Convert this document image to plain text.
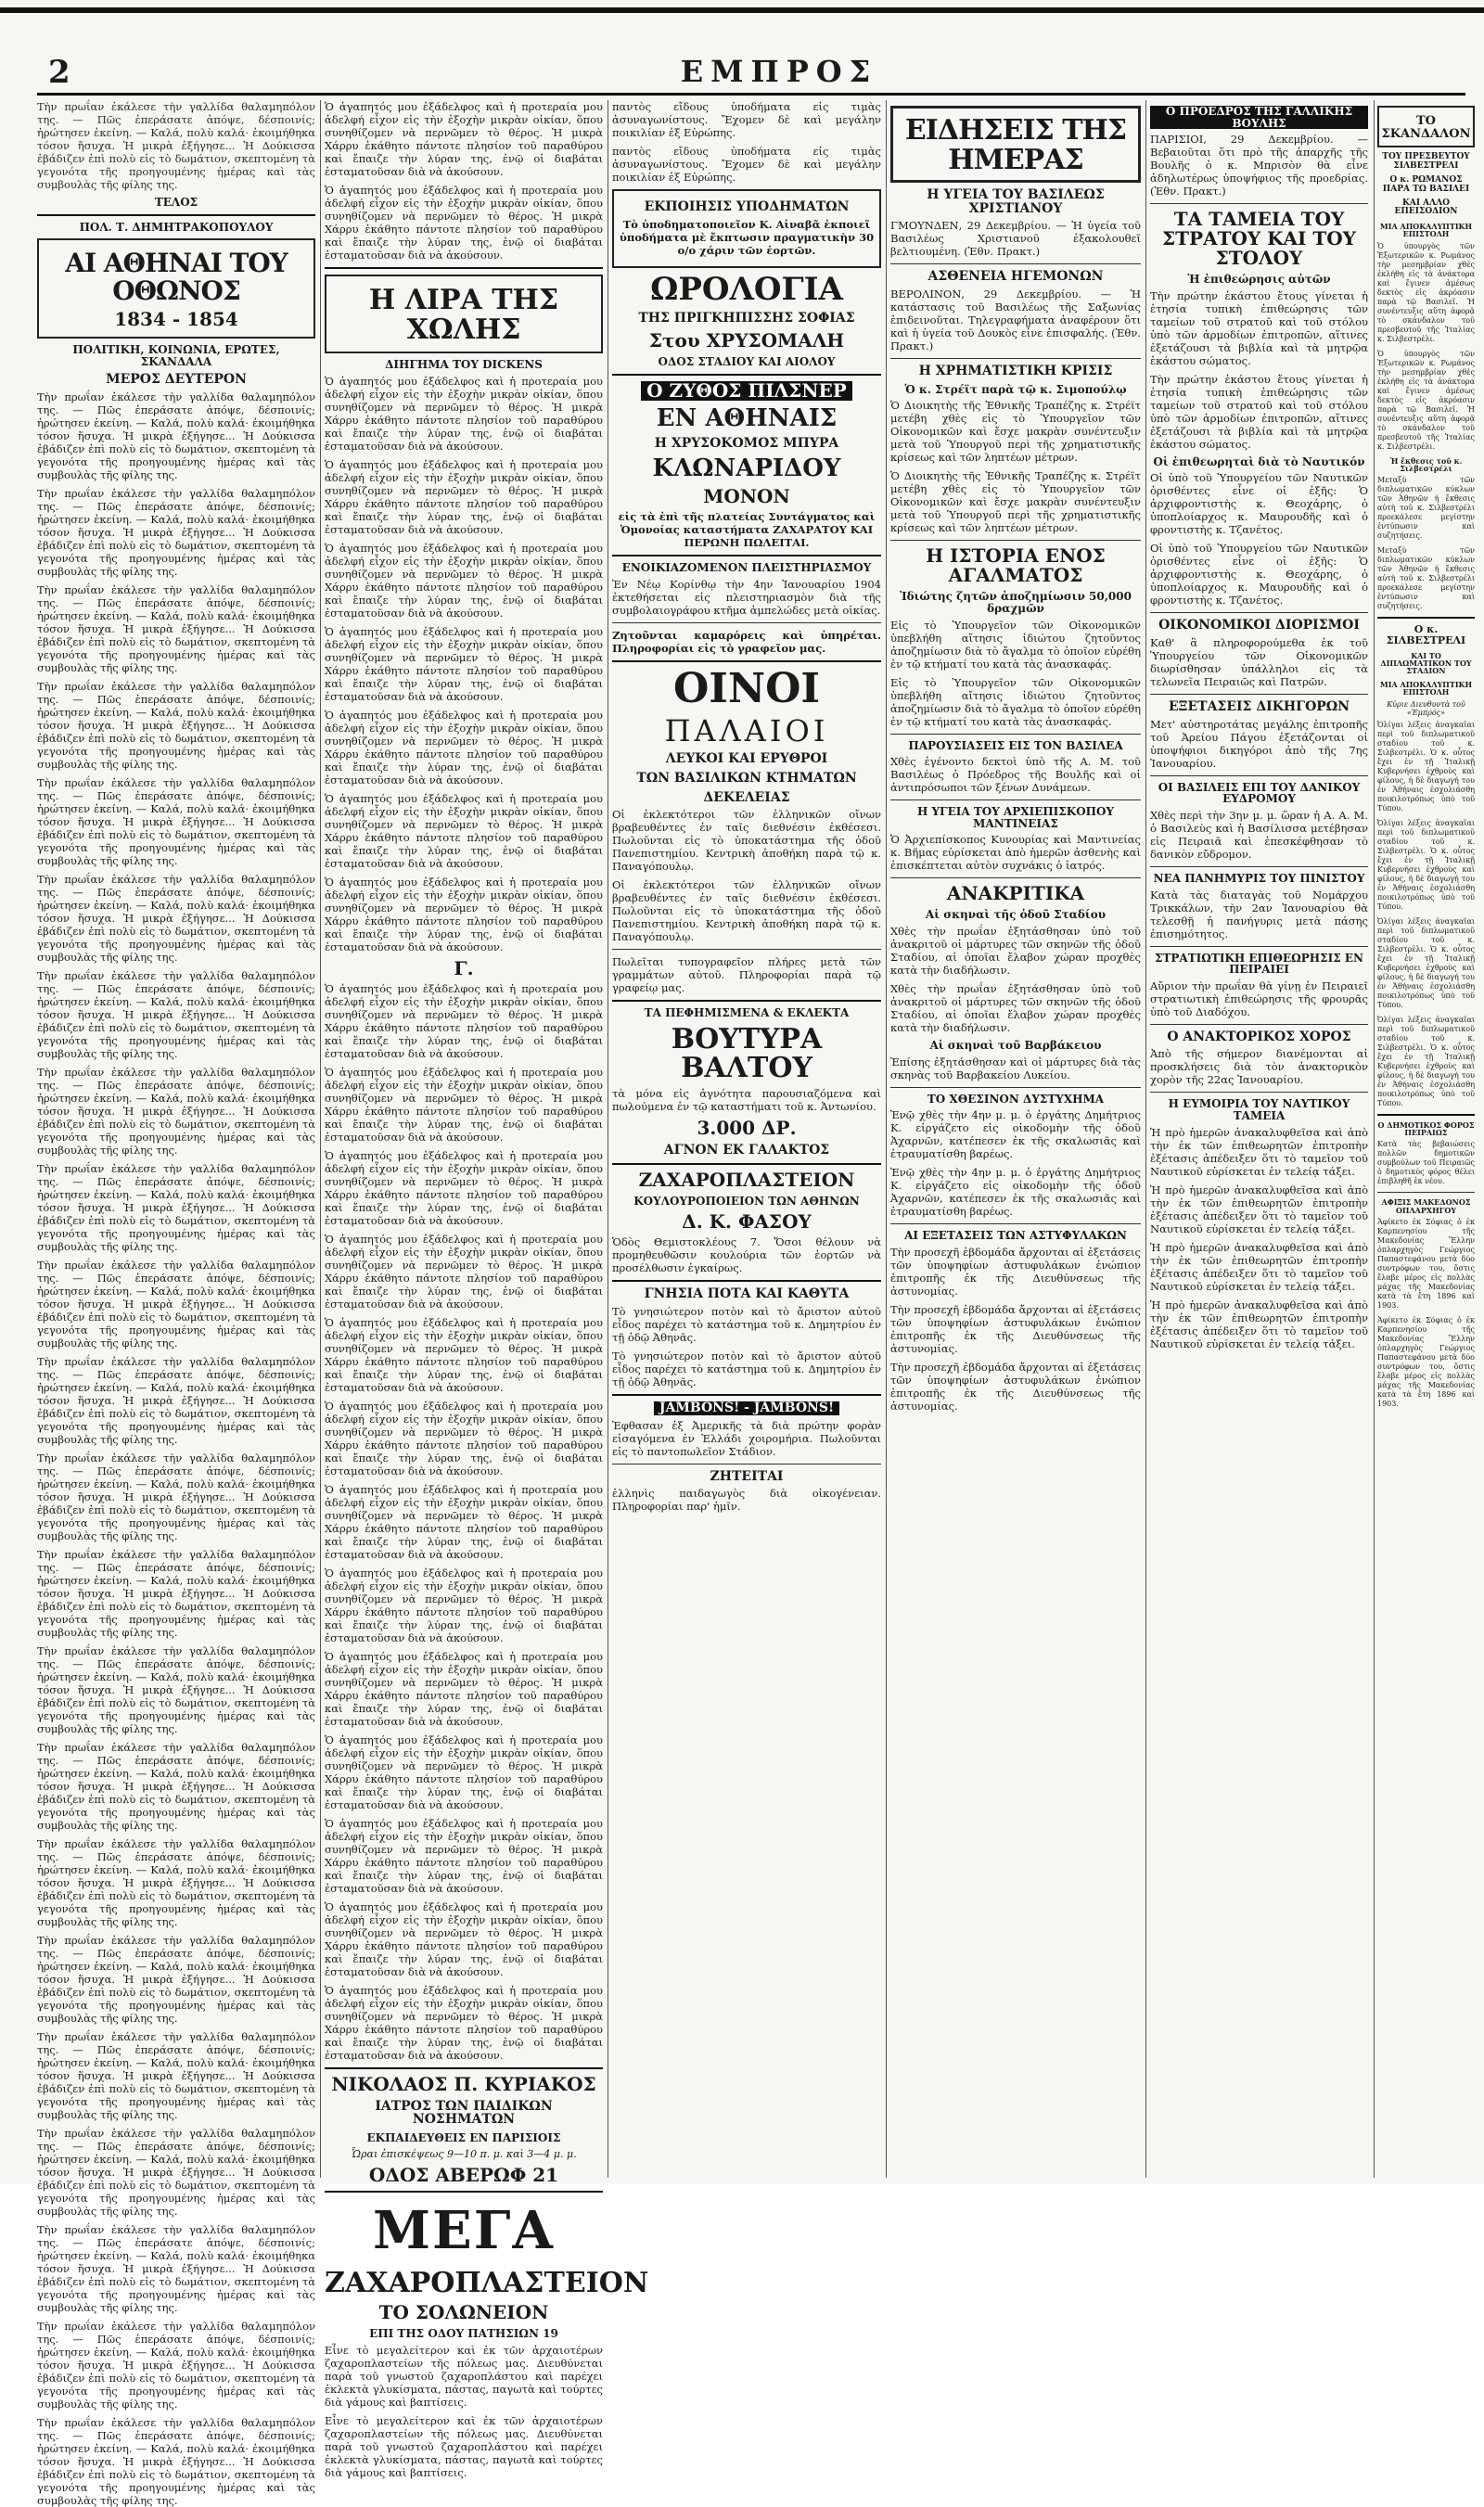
2	ΕΜΠΡΟΣ

Τὴν πρωΐαν ἐκάλεσε τὴν γαλλίδα θαλαμηπόλον της. — Πῶς ἐπεράσατε ἀπόψε, δέσποινίς; ἠρώτησεν ἐκείνη. — Καλά, πολὺ καλά· ἐκοιμήθηκα τόσον ἥσυχα. Ἡ μικρὰ ἐξήγησε... Ἡ Δούκισσα ἐβάδιζεν ἐπὶ πολὺ εἰς τὸ δωμάτιον, σκεπτομένη τὰ γεγονότα τῆς προηγουμένης ἡμέρας καὶ τὰς συμβουλὰς τῆς φίλης της.

ΤΕΛΟΣ
ΠΟΛ. Τ. ΔΗΜΗΤΡΑΚΟΠΟΥΛΟΥ
ΑΙ ΑΘΗΝΑΙ ΤΟΥ ΟΘΩΝΟΣ
1834 - 1854
ΠΟΛΙΤΙΚΗ, ΚΟΙΝΩΝΙΑ, ΕΡΩΤΕΣ, ΣΚΑΝΔΑΛΑ
ΜΕΡΟΣ ΔΕΥΤΕΡΟΝ

Τὴν πρωΐαν ἐκάλεσε τὴν γαλλίδα θαλαμηπόλον της. — Πῶς ἐπεράσατε ἀπόψε, δέσποινίς; ἠρώτησεν ἐκείνη. — Καλά, πολὺ καλά· ἐκοιμήθηκα τόσον ἥσυχα. Ἡ μικρὰ ἐξήγησε... Ἡ Δούκισσα ἐβάδιζεν ἐπὶ πολὺ εἰς τὸ δωμάτιον, σκεπτομένη τὰ γεγονότα τῆς προηγουμένης ἡμέρας καὶ τὰς συμβουλὰς τῆς φίλης της.

Τὴν πρωΐαν ἐκάλεσε τὴν γαλλίδα θαλαμηπόλον της. — Πῶς ἐπεράσατε ἀπόψε, δέσποινίς; ἠρώτησεν ἐκείνη. — Καλά, πολὺ καλά· ἐκοιμήθηκα τόσον ἥσυχα. Ἡ μικρὰ ἐξήγησε... Ἡ Δούκισσα ἐβάδιζεν ἐπὶ πολὺ εἰς τὸ δωμάτιον, σκεπτομένη τὰ γεγονότα τῆς προηγουμένης ἡμέρας καὶ τὰς συμβουλὰς τῆς φίλης της.

Τὴν πρωΐαν ἐκάλεσε τὴν γαλλίδα θαλαμηπόλον της. — Πῶς ἐπεράσατε ἀπόψε, δέσποινίς; ἠρώτησεν ἐκείνη. — Καλά, πολὺ καλά· ἐκοιμήθηκα τόσον ἥσυχα. Ἡ μικρὰ ἐξήγησε... Ἡ Δούκισσα ἐβάδιζεν ἐπὶ πολὺ εἰς τὸ δωμάτιον, σκεπτομένη τὰ γεγονότα τῆς προηγουμένης ἡμέρας καὶ τὰς συμβουλὰς τῆς φίλης της.

Τὴν πρωΐαν ἐκάλεσε τὴν γαλλίδα θαλαμηπόλον της. — Πῶς ἐπεράσατε ἀπόψε, δέσποινίς; ἠρώτησεν ἐκείνη. — Καλά, πολὺ καλά· ἐκοιμήθηκα τόσον ἥσυχα. Ἡ μικρὰ ἐξήγησε... Ἡ Δούκισσα ἐβάδιζεν ἐπὶ πολὺ εἰς τὸ δωμάτιον, σκεπτομένη τὰ γεγονότα τῆς προηγουμένης ἡμέρας καὶ τὰς συμβουλὰς τῆς φίλης της.

Τὴν πρωΐαν ἐκάλεσε τὴν γαλλίδα θαλαμηπόλον της. — Πῶς ἐπεράσατε ἀπόψε, δέσποινίς; ἠρώτησεν ἐκείνη. — Καλά, πολὺ καλά· ἐκοιμήθηκα τόσον ἥσυχα. Ἡ μικρὰ ἐξήγησε... Ἡ Δούκισσα ἐβάδιζεν ἐπὶ πολὺ εἰς τὸ δωμάτιον, σκεπτομένη τὰ γεγονότα τῆς προηγουμένης ἡμέρας καὶ τὰς συμβουλὰς τῆς φίλης της.

Τὴν πρωΐαν ἐκάλεσε τὴν γαλλίδα θαλαμηπόλον της. — Πῶς ἐπεράσατε ἀπόψε, δέσποινίς; ἠρώτησεν ἐκείνη. — Καλά, πολὺ καλά· ἐκοιμήθηκα τόσον ἥσυχα. Ἡ μικρὰ ἐξήγησε... Ἡ Δούκισσα ἐβάδιζεν ἐπὶ πολὺ εἰς τὸ δωμάτιον, σκεπτομένη τὰ γεγονότα τῆς προηγουμένης ἡμέρας καὶ τὰς συμβουλὰς τῆς φίλης της.

Τὴν πρωΐαν ἐκάλεσε τὴν γαλλίδα θαλαμηπόλον της. — Πῶς ἐπεράσατε ἀπόψε, δέσποινίς; ἠρώτησεν ἐκείνη. — Καλά, πολὺ καλά· ἐκοιμήθηκα τόσον ἥσυχα. Ἡ μικρὰ ἐξήγησε... Ἡ Δούκισσα ἐβάδιζεν ἐπὶ πολὺ εἰς τὸ δωμάτιον, σκεπτομένη τὰ γεγονότα τῆς προηγουμένης ἡμέρας καὶ τὰς συμβουλὰς τῆς φίλης της.

Τὴν πρωΐαν ἐκάλεσε τὴν γαλλίδα θαλαμηπόλον της. — Πῶς ἐπεράσατε ἀπόψε, δέσποινίς; ἠρώτησεν ἐκείνη. — Καλά, πολὺ καλά· ἐκοιμήθηκα τόσον ἥσυχα. Ἡ μικρὰ ἐξήγησε... Ἡ Δούκισσα ἐβάδιζεν ἐπὶ πολὺ εἰς τὸ δωμάτιον, σκεπτομένη τὰ γεγονότα τῆς προηγουμένης ἡμέρας καὶ τὰς συμβουλὰς τῆς φίλης της.

Τὴν πρωΐαν ἐκάλεσε τὴν γαλλίδα θαλαμηπόλον της. — Πῶς ἐπεράσατε ἀπόψε, δέσποινίς; ἠρώτησεν ἐκείνη. — Καλά, πολὺ καλά· ἐκοιμήθηκα τόσον ἥσυχα. Ἡ μικρὰ ἐξήγησε... Ἡ Δούκισσα ἐβάδιζεν ἐπὶ πολὺ εἰς τὸ δωμάτιον, σκεπτομένη τὰ γεγονότα τῆς προηγουμένης ἡμέρας καὶ τὰς συμβουλὰς τῆς φίλης της.

Τὴν πρωΐαν ἐκάλεσε τὴν γαλλίδα θαλαμηπόλον της. — Πῶς ἐπεράσατε ἀπόψε, δέσποινίς; ἠρώτησεν ἐκείνη. — Καλά, πολὺ καλά· ἐκοιμήθηκα τόσον ἥσυχα. Ἡ μικρὰ ἐξήγησε... Ἡ Δούκισσα ἐβάδιζεν ἐπὶ πολὺ εἰς τὸ δωμάτιον, σκεπτομένη τὰ γεγονότα τῆς προηγουμένης ἡμέρας καὶ τὰς συμβουλὰς τῆς φίλης της.

Τὴν πρωΐαν ἐκάλεσε τὴν γαλλίδα θαλαμηπόλον της. — Πῶς ἐπεράσατε ἀπόψε, δέσποινίς; ἠρώτησεν ἐκείνη. — Καλά, πολὺ καλά· ἐκοιμήθηκα τόσον ἥσυχα. Ἡ μικρὰ ἐξήγησε... Ἡ Δούκισσα ἐβάδιζεν ἐπὶ πολὺ εἰς τὸ δωμάτιον, σκεπτομένη τὰ γεγονότα τῆς προηγουμένης ἡμέρας καὶ τὰς συμβουλὰς τῆς φίλης της.

Τὴν πρωΐαν ἐκάλεσε τὴν γαλλίδα θαλαμηπόλον της. — Πῶς ἐπεράσατε ἀπόψε, δέσποινίς; ἠρώτησεν ἐκείνη. — Καλά, πολὺ καλά· ἐκοιμήθηκα τόσον ἥσυχα. Ἡ μικρὰ ἐξήγησε... Ἡ Δούκισσα ἐβάδιζεν ἐπὶ πολὺ εἰς τὸ δωμάτιον, σκεπτομένη τὰ γεγονότα τῆς προηγουμένης ἡμέρας καὶ τὰς συμβουλὰς τῆς φίλης της.

Τὴν πρωΐαν ἐκάλεσε τὴν γαλλίδα θαλαμηπόλον της. — Πῶς ἐπεράσατε ἀπόψε, δέσποινίς; ἠρώτησεν ἐκείνη. — Καλά, πολὺ καλά· ἐκοιμήθηκα τόσον ἥσυχα. Ἡ μικρὰ ἐξήγησε... Ἡ Δούκισσα ἐβάδιζεν ἐπὶ πολὺ εἰς τὸ δωμάτιον, σκεπτομένη τὰ γεγονότα τῆς προηγουμένης ἡμέρας καὶ τὰς συμβουλὰς τῆς φίλης της.

Τὴν πρωΐαν ἐκάλεσε τὴν γαλλίδα θαλαμηπόλον της. — Πῶς ἐπεράσατε ἀπόψε, δέσποινίς; ἠρώτησεν ἐκείνη. — Καλά, πολὺ καλά· ἐκοιμήθηκα τόσον ἥσυχα. Ἡ μικρὰ ἐξήγησε... Ἡ Δούκισσα ἐβάδιζεν ἐπὶ πολὺ εἰς τὸ δωμάτιον, σκεπτομένη τὰ γεγονότα τῆς προηγουμένης ἡμέρας καὶ τὰς συμβουλὰς τῆς φίλης της.

Τὴν πρωΐαν ἐκάλεσε τὴν γαλλίδα θαλαμηπόλον της. — Πῶς ἐπεράσατε ἀπόψε, δέσποινίς; ἠρώτησεν ἐκείνη. — Καλά, πολὺ καλά· ἐκοιμήθηκα τόσον ἥσυχα. Ἡ μικρὰ ἐξήγησε... Ἡ Δούκισσα ἐβάδιζεν ἐπὶ πολὺ εἰς τὸ δωμάτιον, σκεπτομένη τὰ γεγονότα τῆς προηγουμένης ἡμέρας καὶ τὰς συμβουλὰς τῆς φίλης της.

Τὴν πρωΐαν ἐκάλεσε τὴν γαλλίδα θαλαμηπόλον της. — Πῶς ἐπεράσατε ἀπόψε, δέσποινίς; ἠρώτησεν ἐκείνη. — Καλά, πολὺ καλά· ἐκοιμήθηκα τόσον ἥσυχα. Ἡ μικρὰ ἐξήγησε... Ἡ Δούκισσα ἐβάδιζεν ἐπὶ πολὺ εἰς τὸ δωμάτιον, σκεπτομένη τὰ γεγονότα τῆς προηγουμένης ἡμέρας καὶ τὰς συμβουλὰς τῆς φίλης της.

Τὴν πρωΐαν ἐκάλεσε τὴν γαλλίδα θαλαμηπόλον της. — Πῶς ἐπεράσατε ἀπόψε, δέσποινίς; ἠρώτησεν ἐκείνη. — Καλά, πολὺ καλά· ἐκοιμήθηκα τόσον ἥσυχα. Ἡ μικρὰ ἐξήγησε... Ἡ Δούκισσα ἐβάδιζεν ἐπὶ πολὺ εἰς τὸ δωμάτιον, σκεπτομένη τὰ γεγονότα τῆς προηγουμένης ἡμέρας καὶ τὰς συμβουλὰς τῆς φίλης της.

Τὴν πρωΐαν ἐκάλεσε τὴν γαλλίδα θαλαμηπόλον της. — Πῶς ἐπεράσατε ἀπόψε, δέσποινίς; ἠρώτησεν ἐκείνη. — Καλά, πολὺ καλά· ἐκοιμήθηκα τόσον ἥσυχα. Ἡ μικρὰ ἐξήγησε... Ἡ Δούκισσα ἐβάδιζεν ἐπὶ πολὺ εἰς τὸ δωμάτιον, σκεπτομένη τὰ γεγονότα τῆς προηγουμένης ἡμέρας καὶ τὰς συμβουλὰς τῆς φίλης της.

Τὴν πρωΐαν ἐκάλεσε τὴν γαλλίδα θαλαμηπόλον της. — Πῶς ἐπεράσατε ἀπόψε, δέσποινίς; ἠρώτησεν ἐκείνη. — Καλά, πολὺ καλά· ἐκοιμήθηκα τόσον ἥσυχα. Ἡ μικρὰ ἐξήγησε... Ἡ Δούκισσα ἐβάδιζεν ἐπὶ πολὺ εἰς τὸ δωμάτιον, σκεπτομένη τὰ γεγονότα τῆς προηγουμένης ἡμέρας καὶ τὰς συμβουλὰς τῆς φίλης της.

Τὴν πρωΐαν ἐκάλεσε τὴν γαλλίδα θαλαμηπόλον της. — Πῶς ἐπεράσατε ἀπόψε, δέσποινίς; ἠρώτησεν ἐκείνη. — Καλά, πολὺ καλά· ἐκοιμήθηκα τόσον ἥσυχα. Ἡ μικρὰ ἐξήγησε... Ἡ Δούκισσα ἐβάδιζεν ἐπὶ πολὺ εἰς τὸ δωμάτιον, σκεπτομένη τὰ γεγονότα τῆς προηγουμένης ἡμέρας καὶ τὰς συμβουλὰς τῆς φίλης της.

Τὴν πρωΐαν ἐκάλεσε τὴν γαλλίδα θαλαμηπόλον της. — Πῶς ἐπεράσατε ἀπόψε, δέσποινίς; ἠρώτησεν ἐκείνη. — Καλά, πολὺ καλά· ἐκοιμήθηκα τόσον ἥσυχα. Ἡ μικρὰ ἐξήγησε... Ἡ Δούκισσα ἐβάδιζεν ἐπὶ πολὺ εἰς τὸ δωμάτιον, σκεπτομένη τὰ γεγονότα τῆς προηγουμένης ἡμέρας καὶ τὰς συμβουλὰς τῆς φίλης της.

Τὴν πρωΐαν ἐκάλεσε τὴν γαλλίδα θαλαμηπόλον της. — Πῶς ἐπεράσατε ἀπόψε, δέσποινίς; ἠρώτησεν ἐκείνη. — Καλά, πολὺ καλά· ἐκοιμήθηκα τόσον ἥσυχα. Ἡ μικρὰ ἐξήγησε... Ἡ Δούκισσα ἐβάδιζεν ἐπὶ πολὺ εἰς τὸ δωμάτιον, σκεπτομένη τὰ γεγονότα τῆς προηγουμένης ἡμέρας καὶ τὰς συμβουλὰς τῆς φίλης της.

Ὁ ἀγαπητός μου ἐξάδελφος καὶ ἡ προτεραία μου ἀδελφή εἶχον εἰς τὴν ἐξοχὴν μικρὰν οἰκίαν, ὅπου συνηθίζομεν νὰ περνῶμεν τὸ θέρος. Ἡ μικρὰ Χάρρυ ἐκάθητο πάντοτε πλησίον τοῦ παραθύρου καὶ ἔπαιζε τὴν λύραν της, ἐνῷ οἱ διαβάται ἐσταματοῦσαν διὰ νὰ ἀκούσουν.

Ὁ ἀγαπητός μου ἐξάδελφος καὶ ἡ προτεραία μου ἀδελφή εἶχον εἰς τὴν ἐξοχὴν μικρὰν οἰκίαν, ὅπου συνηθίζομεν νὰ περνῶμεν τὸ θέρος. Ἡ μικρὰ Χάρρυ ἐκάθητο πάντοτε πλησίον τοῦ παραθύρου καὶ ἔπαιζε τὴν λύραν της, ἐνῷ οἱ διαβάται ἐσταματοῦσαν διὰ νὰ ἀκούσουν.

Η ΛΙΡΑ ΤΗΣ ΧΩΛΗΣ
ΔΙΗΓΗΜΑ ΤΟΥ DICKENS

Ὁ ἀγαπητός μου ἐξάδελφος καὶ ἡ προτεραία μου ἀδελφή εἶχον εἰς τὴν ἐξοχὴν μικρὰν οἰκίαν, ὅπου συνηθίζομεν νὰ περνῶμεν τὸ θέρος. Ἡ μικρὰ Χάρρυ ἐκάθητο πάντοτε πλησίον τοῦ παραθύρου καὶ ἔπαιζε τὴν λύραν της, ἐνῷ οἱ διαβάται ἐσταματοῦσαν διὰ νὰ ἀκούσουν.

Ὁ ἀγαπητός μου ἐξάδελφος καὶ ἡ προτεραία μου ἀδελφή εἶχον εἰς τὴν ἐξοχὴν μικρὰν οἰκίαν, ὅπου συνηθίζομεν νὰ περνῶμεν τὸ θέρος. Ἡ μικρὰ Χάρρυ ἐκάθητο πάντοτε πλησίον τοῦ παραθύρου καὶ ἔπαιζε τὴν λύραν της, ἐνῷ οἱ διαβάται ἐσταματοῦσαν διὰ νὰ ἀκούσουν.

Ὁ ἀγαπητός μου ἐξάδελφος καὶ ἡ προτεραία μου ἀδελφή εἶχον εἰς τὴν ἐξοχὴν μικρὰν οἰκίαν, ὅπου συνηθίζομεν νὰ περνῶμεν τὸ θέρος. Ἡ μικρὰ Χάρρυ ἐκάθητο πάντοτε πλησίον τοῦ παραθύρου καὶ ἔπαιζε τὴν λύραν της, ἐνῷ οἱ διαβάται ἐσταματοῦσαν διὰ νὰ ἀκούσουν.

Ὁ ἀγαπητός μου ἐξάδελφος καὶ ἡ προτεραία μου ἀδελφή εἶχον εἰς τὴν ἐξοχὴν μικρὰν οἰκίαν, ὅπου συνηθίζομεν νὰ περνῶμεν τὸ θέρος. Ἡ μικρὰ Χάρρυ ἐκάθητο πάντοτε πλησίον τοῦ παραθύρου καὶ ἔπαιζε τὴν λύραν της, ἐνῷ οἱ διαβάται ἐσταματοῦσαν διὰ νὰ ἀκούσουν.

Ὁ ἀγαπητός μου ἐξάδελφος καὶ ἡ προτεραία μου ἀδελφή εἶχον εἰς τὴν ἐξοχὴν μικρὰν οἰκίαν, ὅπου συνηθίζομεν νὰ περνῶμεν τὸ θέρος. Ἡ μικρὰ Χάρρυ ἐκάθητο πάντοτε πλησίον τοῦ παραθύρου καὶ ἔπαιζε τὴν λύραν της, ἐνῷ οἱ διαβάται ἐσταματοῦσαν διὰ νὰ ἀκούσουν.

Ὁ ἀγαπητός μου ἐξάδελφος καὶ ἡ προτεραία μου ἀδελφή εἶχον εἰς τὴν ἐξοχὴν μικρὰν οἰκίαν, ὅπου συνηθίζομεν νὰ περνῶμεν τὸ θέρος. Ἡ μικρὰ Χάρρυ ἐκάθητο πάντοτε πλησίον τοῦ παραθύρου καὶ ἔπαιζε τὴν λύραν της, ἐνῷ οἱ διαβάται ἐσταματοῦσαν διὰ νὰ ἀκούσουν.

Ὁ ἀγαπητός μου ἐξάδελφος καὶ ἡ προτεραία μου ἀδελφή εἶχον εἰς τὴν ἐξοχὴν μικρὰν οἰκίαν, ὅπου συνηθίζομεν νὰ περνῶμεν τὸ θέρος. Ἡ μικρὰ Χάρρυ ἐκάθητο πάντοτε πλησίον τοῦ παραθύρου καὶ ἔπαιζε τὴν λύραν της, ἐνῷ οἱ διαβάται ἐσταματοῦσαν διὰ νὰ ἀκούσουν.

Γ.

Ὁ ἀγαπητός μου ἐξάδελφος καὶ ἡ προτεραία μου ἀδελφή εἶχον εἰς τὴν ἐξοχὴν μικρὰν οἰκίαν, ὅπου συνηθίζομεν νὰ περνῶμεν τὸ θέρος. Ἡ μικρὰ Χάρρυ ἐκάθητο πάντοτε πλησίον τοῦ παραθύρου καὶ ἔπαιζε τὴν λύραν της, ἐνῷ οἱ διαβάται ἐσταματοῦσαν διὰ νὰ ἀκούσουν.

Ὁ ἀγαπητός μου ἐξάδελφος καὶ ἡ προτεραία μου ἀδελφή εἶχον εἰς τὴν ἐξοχὴν μικρὰν οἰκίαν, ὅπου συνηθίζομεν νὰ περνῶμεν τὸ θέρος. Ἡ μικρὰ Χάρρυ ἐκάθητο πάντοτε πλησίον τοῦ παραθύρου καὶ ἔπαιζε τὴν λύραν της, ἐνῷ οἱ διαβάται ἐσταματοῦσαν διὰ νὰ ἀκούσουν.

Ὁ ἀγαπητός μου ἐξάδελφος καὶ ἡ προτεραία μου ἀδελφή εἶχον εἰς τὴν ἐξοχὴν μικρὰν οἰκίαν, ὅπου συνηθίζομεν νὰ περνῶμεν τὸ θέρος. Ἡ μικρὰ Χάρρυ ἐκάθητο πάντοτε πλησίον τοῦ παραθύρου καὶ ἔπαιζε τὴν λύραν της, ἐνῷ οἱ διαβάται ἐσταματοῦσαν διὰ νὰ ἀκούσουν.

Ὁ ἀγαπητός μου ἐξάδελφος καὶ ἡ προτεραία μου ἀδελφή εἶχον εἰς τὴν ἐξοχὴν μικρὰν οἰκίαν, ὅπου συνηθίζομεν νὰ περνῶμεν τὸ θέρος. Ἡ μικρὰ Χάρρυ ἐκάθητο πάντοτε πλησίον τοῦ παραθύρου καὶ ἔπαιζε τὴν λύραν της, ἐνῷ οἱ διαβάται ἐσταματοῦσαν διὰ νὰ ἀκούσουν.

Ὁ ἀγαπητός μου ἐξάδελφος καὶ ἡ προτεραία μου ἀδελφή εἶχον εἰς τὴν ἐξοχὴν μικρὰν οἰκίαν, ὅπου συνηθίζομεν νὰ περνῶμεν τὸ θέρος. Ἡ μικρὰ Χάρρυ ἐκάθητο πάντοτε πλησίον τοῦ παραθύρου καὶ ἔπαιζε τὴν λύραν της, ἐνῷ οἱ διαβάται ἐσταματοῦσαν διὰ νὰ ἀκούσουν.

Ὁ ἀγαπητός μου ἐξάδελφος καὶ ἡ προτεραία μου ἀδελφή εἶχον εἰς τὴν ἐξοχὴν μικρὰν οἰκίαν, ὅπου συνηθίζομεν νὰ περνῶμεν τὸ θέρος. Ἡ μικρὰ Χάρρυ ἐκάθητο πάντοτε πλησίον τοῦ παραθύρου καὶ ἔπαιζε τὴν λύραν της, ἐνῷ οἱ διαβάται ἐσταματοῦσαν διὰ νὰ ἀκούσουν.

Ὁ ἀγαπητός μου ἐξάδελφος καὶ ἡ προτεραία μου ἀδελφή εἶχον εἰς τὴν ἐξοχὴν μικρὰν οἰκίαν, ὅπου συνηθίζομεν νὰ περνῶμεν τὸ θέρος. Ἡ μικρὰ Χάρρυ ἐκάθητο πάντοτε πλησίον τοῦ παραθύρου καὶ ἔπαιζε τὴν λύραν της, ἐνῷ οἱ διαβάται ἐσταματοῦσαν διὰ νὰ ἀκούσουν.

Ὁ ἀγαπητός μου ἐξάδελφος καὶ ἡ προτεραία μου ἀδελφή εἶχον εἰς τὴν ἐξοχὴν μικρὰν οἰκίαν, ὅπου συνηθίζομεν νὰ περνῶμεν τὸ θέρος. Ἡ μικρὰ Χάρρυ ἐκάθητο πάντοτε πλησίον τοῦ παραθύρου καὶ ἔπαιζε τὴν λύραν της, ἐνῷ οἱ διαβάται ἐσταματοῦσαν διὰ νὰ ἀκούσουν.

Ὁ ἀγαπητός μου ἐξάδελφος καὶ ἡ προτεραία μου ἀδελφή εἶχον εἰς τὴν ἐξοχὴν μικρὰν οἰκίαν, ὅπου συνηθίζομεν νὰ περνῶμεν τὸ θέρος. Ἡ μικρὰ Χάρρυ ἐκάθητο πάντοτε πλησίον τοῦ παραθύρου καὶ ἔπαιζε τὴν λύραν της, ἐνῷ οἱ διαβάται ἐσταματοῦσαν διὰ νὰ ἀκούσουν.

Ὁ ἀγαπητός μου ἐξάδελφος καὶ ἡ προτεραία μου ἀδελφή εἶχον εἰς τὴν ἐξοχὴν μικρὰν οἰκίαν, ὅπου συνηθίζομεν νὰ περνῶμεν τὸ θέρος. Ἡ μικρὰ Χάρρυ ἐκάθητο πάντοτε πλησίον τοῦ παραθύρου καὶ ἔπαιζε τὴν λύραν της, ἐνῷ οἱ διαβάται ἐσταματοῦσαν διὰ νὰ ἀκούσουν.

Ὁ ἀγαπητός μου ἐξάδελφος καὶ ἡ προτεραία μου ἀδελφή εἶχον εἰς τὴν ἐξοχὴν μικρὰν οἰκίαν, ὅπου συνηθίζομεν νὰ περνῶμεν τὸ θέρος. Ἡ μικρὰ Χάρρυ ἐκάθητο πάντοτε πλησίον τοῦ παραθύρου καὶ ἔπαιζε τὴν λύραν της, ἐνῷ οἱ διαβάται ἐσταματοῦσαν διὰ νὰ ἀκούσουν.

Ὁ ἀγαπητός μου ἐξάδελφος καὶ ἡ προτεραία μου ἀδελφή εἶχον εἰς τὴν ἐξοχὴν μικρὰν οἰκίαν, ὅπου συνηθίζομεν νὰ περνῶμεν τὸ θέρος. Ἡ μικρὰ Χάρρυ ἐκάθητο πάντοτε πλησίον τοῦ παραθύρου καὶ ἔπαιζε τὴν λύραν της, ἐνῷ οἱ διαβάται ἐσταματοῦσαν διὰ νὰ ἀκούσουν.

Ὁ ἀγαπητός μου ἐξάδελφος καὶ ἡ προτεραία μου ἀδελφή εἶχον εἰς τὴν ἐξοχὴν μικρὰν οἰκίαν, ὅπου συνηθίζομεν νὰ περνῶμεν τὸ θέρος. Ἡ μικρὰ Χάρρυ ἐκάθητο πάντοτε πλησίον τοῦ παραθύρου καὶ ἔπαιζε τὴν λύραν της, ἐνῷ οἱ διαβάται ἐσταματοῦσαν διὰ νὰ ἀκούσουν.

ΝΙΚΟΛΑΟΣ Π. ΚΥΡΙΑΚΟΣ
ΙΑΤΡΟΣ ΤΩΝ ΠΑΙΔΙΚΩΝ ΝΟΣΗΜΑΤΩΝ
ΕΚΠΑΙΔΕΥΘΕΙΣ ΕΝ ΠΑΡΙΣΙΟΙΣ
Ὧραι ἐπισκέψεως 9—10 π. μ. καὶ 3—4 μ. μ.
ΟΔΟΣ ΑΒΕΡΩΦ 21
ΜΕΓΑ
ΖΑΧΑΡΟΠΛΑΣΤΕΙΟΝ
ΤΟ ΣΟΛΩΝΕΙΟΝ
ΕΠΙ ΤΗΣ ΟΔΟΥ ΠΑΤΗΣΙΩΝ 19

Εἶνε τὸ μεγαλείτερον καὶ ἐκ τῶν ἀρχαιοτέρων ζαχαροπλαστείων τῆς πόλεως μας. Διευθύνεται παρὰ τοῦ γνωστοῦ ζαχαροπλάστου καὶ παρέχει ἐκλεκτὰ γλυκίσματα, πάστας, παγωτὰ καὶ τούρτες διὰ γάμους καὶ βαπτίσεις.

Εἶνε τὸ μεγαλείτερον καὶ ἐκ τῶν ἀρχαιοτέρων ζαχαροπλαστείων τῆς πόλεως μας. Διευθύνεται παρὰ τοῦ γνωστοῦ ζαχαροπλάστου καὶ παρέχει ἐκλεκτὰ γλυκίσματα, πάστας, παγωτὰ καὶ τούρτες διὰ γάμους καὶ βαπτίσεις.

παντὸς εἴδους ὑποδήματα εἰς τιμὰς ἀσυναγωνίστους. Ἔχομεν δὲ καὶ μεγάλην ποικιλίαν ἐξ Εὐρώπης.

παντὸς εἴδους ὑποδήματα εἰς τιμὰς ἀσυναγωνίστους. Ἔχομεν δὲ καὶ μεγάλην ποικιλίαν ἐξ Εὐρώπης.

ΕΚΠΟΙΗΣΙΣ ΥΠΟΔΗΜΑΤΩΝ

Τὸ ὑποδηματοποιεῖον Κ. Αἰναβᾶ ἐκποιεῖ ὑποδήματα μὲ ἔκπτωσιν πραγματικὴν 30 ο/ο χάριν τῶν ἑορτῶν.

ΩΡΟΛΟΓΙΑ
ΤΗΣ ΠΡΙΓΚΗΠΙΣΣΗΣ ΣΟΦΙΑΣ
Στου ΧΡΥΣΟΜΑΛΗ
ΟΔΟΣ ΣΤΑΔΙΟΥ ΚΑΙ ΑΙΟΛΟΥ
Ο ΖΥΘΟΣ ΠΙΛΣΝΕΡ
ΕΝ ΑΘΗΝΑΙΣ
Η ΧΡΥΣΟΚΟΜΟΣ ΜΠΥΡΑ
ΚΛΩΝΑΡΙΔΟΥ
ΜΟΝΟΝ

εἰς τὰ ἐπὶ τῆς πλατείας Συντάγματος καὶ Ὁμονοίας καταστήματα ΖΑΧΑΡΑΤΟΥ ΚΑΙ ΠΕΡΩΝΗ ΠΩΛΕΙΤΑΙ.

ΕΝΟΙΚΙΑΖΟΜΕΝΟΝ ΠΛΕΙΣΤΗΡΙΑΣΜΟΥ

Ἐν Νέῳ Κορίνθῳ τὴν 4ην Ἰανουαρίου 1904 ἐκτεθήσεται εἰς πλειστηριασμὸν διὰ τῆς συμβολαιογράφου κτῆμα ἀμπελώδες μετὰ οἰκίας.

Ζητοῦνται καμαρόρεις καὶ ὑπηρέται. Πληροφορίαι εἰς τὸ γραφεῖον μας.

ΟΙΝΟΙ
ΠΑΛΑΙΟΙ
ΛΕΥΚΟΙ ΚΑΙ ΕΡΥΘΡΟΙ
ΤΩΝ ΒΑΣΙΛΙΚΩΝ ΚΤΗΜΑΤΩΝ
ΔΕΚΕΛΕΙΑΣ

Οἱ ἐκλεκτότεροι τῶν ἑλληνικῶν οἴνων βραβευθέντες ἐν ταῖς διεθνέσιν ἐκθέσεσι. Πωλοῦνται εἰς τὸ ὑποκατάστημα τῆς ὁδοῦ Πανεπιστημίου. Κεντρικὴ ἀποθήκη παρὰ τῷ κ. Παναγόπουλῳ.

Οἱ ἐκλεκτότεροι τῶν ἑλληνικῶν οἴνων βραβευθέντες ἐν ταῖς διεθνέσιν ἐκθέσεσι. Πωλοῦνται εἰς τὸ ὑποκατάστημα τῆς ὁδοῦ Πανεπιστημίου. Κεντρικὴ ἀποθήκη παρὰ τῷ κ. Παναγόπουλῳ.

Πωλεῖται τυπογραφεῖον πλήρες μετὰ τῶν γραμμάτων αὐτοῦ. Πληροφορίαι παρὰ τῷ γραφείῳ μας.

ΤΑ ΠΕΦΗΜΙΣΜΕΝΑ & ΕΚΛΕΚΤΑ
ΒΟΥΤΥΡΑ ΒΑΛΤΟΥ

τὰ μόνα εἰς ἀγνότητα παρουσιαζόμενα καὶ πωλούμενα ἐν τῷ καταστήματι τοῦ κ. Ἀντωνίου.

3.000 ΔΡ.
ΑΓΝΟΝ ΕΚ ΓΑΛΑΚΤΟΣ
ΖΑΧΑΡΟΠΛΑΣΤΕΙΟΝ
ΚΟΥΛΟΥΡΟΠΟΙΕΙΟΝ ΤΩΝ ΑΘΗΝΩΝ
Δ. Κ. ΦΑΣΟΥ

Ὁδὸς Θεμιστοκλέους 7. Ὅσοι θέλουν νὰ προμηθευθῶσιν κουλούρια τῶν ἑορτῶν νὰ προσέλθωσιν ἐγκαίρως.

ΓΝΗΣΙΑ ΠΟΤΑ ΚΑΙ ΚΑΘΥΤΑ

Τὸ γνησιώτερον ποτὸν καὶ τὸ ἄριστον αὐτοῦ εἶδος παρέχει τὸ κατάστημα τοῦ κ. Δημητρίου ἐν τῇ ὁδῷ Ἀθηνᾶς.

Τὸ γνησιώτερον ποτὸν καὶ τὸ ἄριστον αὐτοῦ εἶδος παρέχει τὸ κατάστημα τοῦ κ. Δημητρίου ἐν τῇ ὁδῷ Ἀθηνᾶς.

JAMBONS! - JAMBONS!

Ἐφθασαν ἐξ Ἀμερικῆς τὰ διὰ πρώτην φορὰν εἰσαγόμενα ἐν Ἑλλάδι χοιρομήρια. Πωλοῦνται εἰς τὸ παντοπωλεῖον Στάδιον.

ΖΗΤΕΙΤΑΙ

ἑλληνὶς παιδαγωγὸς διὰ οἰκογένειαν. Πληροφορίαι παρ' ἡμῖν.

ΕΙΔΗΣΕΙΣ ΤΗΣ ΗΜΕΡΑΣ
Η ΥΓΕΙΑ ΤΟΥ ΒΑΣΙΛΕΩΣ ΧΡΙΣΤΙΑΝΟΥ

ΓΜΟΥΝΔΕΝ, 29 Δεκεμβρίου. — Ἡ ὑγεία τοῦ Βασιλέως Χριστιανοῦ ἐξακολουθεῖ βελτιουμένη. (Ἐθν. Πρακτ.)

ΑΣΘΕΝΕΙΑ ΗΓΕΜΟΝΩΝ

ΒΕΡΟΛΙΝΟΝ, 29 Δεκεμβρίου. — Ἡ κατάστασις τοῦ Βασιλέως τῆς Σαξωνίας ἐπιδεινοῦται. Τηλεγραφήματα ἀναφέρουν ὅτι καὶ ἡ ὑγεία τοῦ Δουκὸς εἶνε ἐπισφαλής. (Ἐθν. Πρακτ.)

Η ΧΡΗΜΑΤΙΣΤΙΚΗ ΚΡΙΣΙΣ
Ὁ κ. Στρέϊτ παρὰ τῷ κ. Σιμοπούλῳ

Ὁ Διοικητὴς τῆς Ἐθνικῆς Τραπέζης κ. Στρέϊτ μετέβη χθὲς εἰς τὸ Ὑπουργεῖον τῶν Οἰκονομικῶν καὶ ἔσχε μακρὰν συνέντευξιν μετὰ τοῦ Ὑπουργοῦ περὶ τῆς χρηματιστικῆς κρίσεως καὶ τῶν ληπτέων μέτρων.

Ὁ Διοικητὴς τῆς Ἐθνικῆς Τραπέζης κ. Στρέϊτ μετέβη χθὲς εἰς τὸ Ὑπουργεῖον τῶν Οἰκονομικῶν καὶ ἔσχε μακρὰν συνέντευξιν μετὰ τοῦ Ὑπουργοῦ περὶ τῆς χρηματιστικῆς κρίσεως καὶ τῶν ληπτέων μέτρων.

Η ΙΣΤΟΡΙΑ ΕΝΟΣ ΑΓΑΛΜΑΤΟΣ
Ἰδιώτης ζητῶν ἀποζημίωσιν 50,000 δραχμῶν

Εἰς τὸ Ὑπουργεῖον τῶν Οἰκονομικῶν ὑπεβλήθη αἴτησις ἰδιώτου ζητοῦντος ἀποζημίωσιν διὰ τὸ ἄγαλμα τὸ ὁποῖον εὑρέθη ἐν τῷ κτήματί του κατὰ τὰς ἀνασκαφάς.

Εἰς τὸ Ὑπουργεῖον τῶν Οἰκονομικῶν ὑπεβλήθη αἴτησις ἰδιώτου ζητοῦντος ἀποζημίωσιν διὰ τὸ ἄγαλμα τὸ ὁποῖον εὑρέθη ἐν τῷ κτήματί του κατὰ τὰς ἀνασκαφάς.

ΠΑΡΟΥΣΙΑΣΕΙΣ ΕΙΣ ΤΟΝ ΒΑΣΙΛΕΑ

Χθὲς ἐγένοντο δεκτοὶ ὑπὸ τῆς Α. Μ. τοῦ Βασιλέως ὁ Πρόεδρος τῆς Βουλῆς καὶ οἱ ἀντιπρόσωποι τῶν ξένων Δυνάμεων.

Η ΥΓΕΙΑ ΤΟΥ ΑΡΧΙΕΠΙΣΚΟΠΟΥ ΜΑΝΤΙΝΕΙΑΣ

Ὁ Ἀρχιεπίσκοπος Κυνουρίας καὶ Μαντινείας κ. Βῆμας εὑρίσκεται ἀπὸ ἡμερῶν ἀσθενὴς καὶ ἐπισκέπτεται αὐτὸν συχνάκις ὁ ἰατρός.

ΑΝΑΚΡΙΤΙΚΑ
Αἱ σκηναὶ τῆς ὁδοῦ Σταδίου

Χθὲς τὴν πρωΐαν ἐξητάσθησαν ὑπὸ τοῦ ἀνακριτοῦ οἱ μάρτυρες τῶν σκηνῶν τῆς ὁδοῦ Σταδίου, αἱ ὁποῖαι ἔλαβον χώραν προχθὲς κατὰ τὴν διαδήλωσιν.

Χθὲς τὴν πρωΐαν ἐξητάσθησαν ὑπὸ τοῦ ἀνακριτοῦ οἱ μάρτυρες τῶν σκηνῶν τῆς ὁδοῦ Σταδίου, αἱ ὁποῖαι ἔλαβον χώραν προχθὲς κατὰ τὴν διαδήλωσιν.

Αἱ σκηναὶ τοῦ Βαρβάκειου

Ἐπίσης ἐξητάσθησαν καὶ οἱ μάρτυρες διὰ τὰς σκηνὰς τοῦ Βαρβακείου Λυκείου.

ΤΟ ΧΘΕΣΙΝΟΝ ΔΥΣΤΥΧΗΜΑ

Ἐνῷ χθὲς τὴν 4ην μ. μ. ὁ ἐργάτης Δημήτριος Κ. εἰργάζετο εἰς οἰκοδομὴν τῆς ὁδοῦ Ἀχαρνῶν, κατέπεσεν ἐκ τῆς σκαλωσιᾶς καὶ ἐτραυματίσθη βαρέως.

Ἐνῷ χθὲς τὴν 4ην μ. μ. ὁ ἐργάτης Δημήτριος Κ. εἰργάζετο εἰς οἰκοδομὴν τῆς ὁδοῦ Ἀχαρνῶν, κατέπεσεν ἐκ τῆς σκαλωσιᾶς καὶ ἐτραυματίσθη βαρέως.

ΑΙ ΕΞΕΤΑΣΕΙΣ ΤΩΝ ΑΣΤΥΦΥΛΑΚΩΝ

Τὴν προσεχῆ ἑβδομάδα ἄρχονται αἱ ἐξετάσεις τῶν ὑποψηφίων ἀστυφυλάκων ἐνώπιον ἐπιτροπῆς ἐκ τῆς Διευθύνσεως τῆς ἀστυνομίας.

Τὴν προσεχῆ ἑβδομάδα ἄρχονται αἱ ἐξετάσεις τῶν ὑποψηφίων ἀστυφυλάκων ἐνώπιον ἐπιτροπῆς ἐκ τῆς Διευθύνσεως τῆς ἀστυνομίας.

Τὴν προσεχῆ ἑβδομάδα ἄρχονται αἱ ἐξετάσεις τῶν ὑποψηφίων ἀστυφυλάκων ἐνώπιον ἐπιτροπῆς ἐκ τῆς Διευθύνσεως τῆς ἀστυνομίας.

Ο ΠΡΟΕΔΡΟΣ ΤΗΣ ΓΑΛΛΙΚΗΣ ΒΟΥΛΗΣ

ΠΑΡΙΣΙΟΙ, 29 Δεκεμβρίου. — Βεβαιοῦται ὅτι πρὸ τῆς ἀπαρχῆς τῆς Βουλῆς ὁ κ. Μπρισὸν θὰ εἶνε ἀδηλωτέρως ὑποψήφιος τῆς προεδρίας. (Ἐθν. Πρακτ.)

ΤΑ ΤΑΜΕΙΑ ΤΟΥ ΣΤΡΑΤΟΥ ΚΑΙ ΤΟΥ ΣΤΟΛΟΥ
Ἡ ἐπιθεώρησις αὐτῶν

Τὴν πρώτην ἑκάστου ἔτους γίνεται ἡ ἐτησία τυπικὴ ἐπιθεώρησις τῶν ταμείων τοῦ στρατοῦ καὶ τοῦ στόλου ὑπὸ τῶν ἀρμοδίων ἐπιτροπῶν, αἵτινες ἐξετάζουσι τὰ βιβλία καὶ τὰ μητρῷα ἑκάστου σώματος.

Τὴν πρώτην ἑκάστου ἔτους γίνεται ἡ ἐτησία τυπικὴ ἐπιθεώρησις τῶν ταμείων τοῦ στρατοῦ καὶ τοῦ στόλου ὑπὸ τῶν ἀρμοδίων ἐπιτροπῶν, αἵτινες ἐξετάζουσι τὰ βιβλία καὶ τὰ μητρῷα ἑκάστου σώματος.

Οἱ ἐπιθεωρηταὶ διὰ τὸ Ναυτικόν

Οἱ ὑπὸ τοῦ Ὑπουργείου τῶν Ναυτικῶν ὁρισθέντες εἶνε οἱ ἑξῆς: Ὁ ἀρχιφροντιστὴς κ. Θεοχάρης, ὁ ὑποπλοίαρχος κ. Μαυρουδῆς καὶ ὁ φροντιστὴς κ. Τζανέτος.

Οἱ ὑπὸ τοῦ Ὑπουργείου τῶν Ναυτικῶν ὁρισθέντες εἶνε οἱ ἑξῆς: Ὁ ἀρχιφροντιστὴς κ. Θεοχάρης, ὁ ὑποπλοίαρχος κ. Μαυρουδῆς καὶ ὁ φροντιστὴς κ. Τζανέτος.

ΟΙΚΟΝΟΜΙΚΟΙ ΔΙΟΡΙΣΜΟΙ

Καθ' ἃ πληροφορούμεθα ἐκ τοῦ Ὑπουργείου τῶν Οἰκονομικῶν διωρίσθησαν ὑπάλληλοι εἰς τὰ τελωνεῖα Πειραιῶς καὶ Πατρῶν.

ΕΞΕΤΑΣΕΙΣ ΔΙΚΗΓΟΡΩΝ

Μετ' αὐστηροτάτας μεγάλης ἐπιτροπῆς τοῦ Ἀρείου Πάγου ἐξετάζονται οἱ ὑποψήφιοι δικηγόροι ἀπὸ τῆς 7ης Ἰανουαρίου.

ΟΙ ΒΑΣΙΛΕΙΣ ΕΠΙ ΤΟΥ ΔΑΝΙΚΟΥ ΕΥΔΡΟΜΟΥ

Χθὲς περὶ τὴν 3ην μ. μ. ὥραν ἡ Α. Α. Μ. ὁ Βασιλεὺς καὶ ἡ Βασίλισσα μετέβησαν εἰς Πειραιᾶ καὶ ἐπεσκέφθησαν τὸ δανικὸν εὔδρομον.

ΝΕΑ ΠΑΝΗΜΥΡΙΣ ΤΟΥ ΠΙΝΙΣΤΟΥ

Κατὰ τὰς διαταγὰς τοῦ Νομάρχου Τρικκάλων, τὴν 2αν Ἰανουαρίου θὰ τελεσθῇ ἡ πανήγυρις μετὰ πάσης ἐπισημότητος.

ΣΤΡΑΤΙΩΤΙΚΗ ΕΠΙΘΕΩΡΗΣΙΣ ΕΝ ΠΕΙΡΑΙΕΙ

Αὔριον τὴν πρωΐαν θὰ γίνῃ ἐν Πειραιεῖ στρατιωτικὴ ἐπιθεώρησις τῆς φρουρᾶς ὑπὸ τοῦ Διαδόχου.

Ο ΑΝΑΚΤΟΡΙΚΟΣ ΧΟΡΟΣ

Ἀπὸ τῆς σήμερον διανέμονται αἱ προσκλήσεις διὰ τὸν ἀνακτορικὸν χορὸν τῆς 22ας Ἰανουαρίου.

Η ΕΥΜΟΙΡΙΑ ΤΟΥ ΝΑΥΤΙΚΟΥ ΤΑΜΕΙΑ

Ἡ πρὸ ἡμερῶν ἀνακαλυφθεῖσα καὶ ἀπὸ τὴν ἐκ τῶν ἐπιθεωρητῶν ἐπιτροπὴν ἐξέτασις ἀπέδειξεν ὅτι τὸ ταμεῖον τοῦ Ναυτικοῦ εὑρίσκεται ἐν τελείᾳ τάξει.

Ἡ πρὸ ἡμερῶν ἀνακαλυφθεῖσα καὶ ἀπὸ τὴν ἐκ τῶν ἐπιθεωρητῶν ἐπιτροπὴν ἐξέτασις ἀπέδειξεν ὅτι τὸ ταμεῖον τοῦ Ναυτικοῦ εὑρίσκεται ἐν τελείᾳ τάξει.

Ἡ πρὸ ἡμερῶν ἀνακαλυφθεῖσα καὶ ἀπὸ τὴν ἐκ τῶν ἐπιθεωρητῶν ἐπιτροπὴν ἐξέτασις ἀπέδειξεν ὅτι τὸ ταμεῖον τοῦ Ναυτικοῦ εὑρίσκεται ἐν τελείᾳ τάξει.

Ἡ πρὸ ἡμερῶν ἀνακαλυφθεῖσα καὶ ἀπὸ τὴν ἐκ τῶν ἐπιθεωρητῶν ἐπιτροπὴν ἐξέτασις ἀπέδειξεν ὅτι τὸ ταμεῖον τοῦ Ναυτικοῦ εὑρίσκεται ἐν τελείᾳ τάξει.

ΤΟ ΣΚΑΝΔΑΛΟΝ
ΤΟΥ ΠΡΕΣΒΕΥΤΟΥ ΣΙΛΒΕΣΤΡΕΛΙ
Ο κ. ΡΩΜΑΝΟΣ ΠΑΡΑ ΤΩ ΒΑΣΙΛΕΙ
ΚΑΙ ΑΛΛΟ ΕΠΕΙΣΟΔΙΟΝ
ΜΙΑ ΑΠΟΚΑΛΥΠΤΙΚΗ ΕΠΙΣΤΟΛΗ

Ὁ ὑπουργὸς τῶν Ἐξωτερικῶν κ. Ρωμάνος τὴν μεσημβρίαν χθὲς ἐκλήθη εἰς τὰ ἀνάκτορα καὶ ἔγινεν ἀμέσως δεκτὸς εἰς ἀκρόασιν παρὰ τῷ Βασιλεῖ. Ἡ συνέντευξις αὕτη ἀφορᾷ τὸ σκάνδαλον τοῦ πρεσβευτοῦ τῆς Ἰταλίας κ. Σιλβεστρέλι.

Ὁ ὑπουργὸς τῶν Ἐξωτερικῶν κ. Ρωμάνος τὴν μεσημβρίαν χθὲς ἐκλήθη εἰς τὰ ἀνάκτορα καὶ ἔγινεν ἀμέσως δεκτὸς εἰς ἀκρόασιν παρὰ τῷ Βασιλεῖ. Ἡ συνέντευξις αὕτη ἀφορᾷ τὸ σκάνδαλον τοῦ πρεσβευτοῦ τῆς Ἰταλίας κ. Σιλβεστρέλι.

Ἡ ἔκθεσις τοῦ κ. Σιλβεστρέλι

Μεταξὺ τῶν διπλωματικῶν κύκλων τῶν Ἀθηνῶν ἡ ἔκθεσις αὐτὴ τοῦ κ. Σιλβεστρέλι προεκάλεσε μεγίστην ἐντύπωσιν καὶ συζητήσεις.

Μεταξὺ τῶν διπλωματικῶν κύκλων τῶν Ἀθηνῶν ἡ ἔκθεσις αὐτὴ τοῦ κ. Σιλβεστρέλι προεκάλεσε μεγίστην ἐντύπωσιν καὶ συζητήσεις.

Ο κ. ΣΙΛΒΕΣΤΡΕΛΙ
ΚΑΙ ΤΟ ΔΙΠΛΩΜΑΤΙΚΟΝ ΤΟΥ ΣΤΑΔΙΟΝ
ΜΙΑ ΑΠΟΚΑΛΥΠΤΙΚΗ ΕΠΙΣΤΟΛΗ
Κύριε Διευθυντὰ τοῦ «Ἐμπρός»

Ὀλίγαι λέξεις ἀναγκαῖαι περὶ τοῦ διπλωματικοῦ σταδίου τοῦ κ. Σιλβεστρέλι. Ὁ κ. οὗτος ἔχει ἐν τῇ Ἰταλικῇ Κυβερνήσει ἐχθροὺς καὶ φίλους, ἡ δὲ διαγωγή του ἐν Ἀθήναις ἐσχολιάσθη ποικιλοτρόπως ὑπὸ τοῦ Τύπου.

Ὀλίγαι λέξεις ἀναγκαῖαι περὶ τοῦ διπλωματικοῦ σταδίου τοῦ κ. Σιλβεστρέλι. Ὁ κ. οὗτος ἔχει ἐν τῇ Ἰταλικῇ Κυβερνήσει ἐχθροὺς καὶ φίλους, ἡ δὲ διαγωγή του ἐν Ἀθήναις ἐσχολιάσθη ποικιλοτρόπως ὑπὸ τοῦ Τύπου.

Ὀλίγαι λέξεις ἀναγκαῖαι περὶ τοῦ διπλωματικοῦ σταδίου τοῦ κ. Σιλβεστρέλι. Ὁ κ. οὗτος ἔχει ἐν τῇ Ἰταλικῇ Κυβερνήσει ἐχθροὺς καὶ φίλους, ἡ δὲ διαγωγή του ἐν Ἀθήναις ἐσχολιάσθη ποικιλοτρόπως ὑπὸ τοῦ Τύπου.

Ὀλίγαι λέξεις ἀναγκαῖαι περὶ τοῦ διπλωματικοῦ σταδίου τοῦ κ. Σιλβεστρέλι. Ὁ κ. οὗτος ἔχει ἐν τῇ Ἰταλικῇ Κυβερνήσει ἐχθροὺς καὶ φίλους, ἡ δὲ διαγωγή του ἐν Ἀθήναις ἐσχολιάσθη ποικιλοτρόπως ὑπὸ τοῦ Τύπου.

Ο ΔΗΜΟΤΙΚΟΣ ΦΟΡΟΣ ΠΕΙΡΑΙΩΣ

Κατὰ τὰς βεβαιώσεις πολλῶν δημοτικῶν συμβούλων τοῦ Πειραιῶς ὁ δημοτικὸς φόρος θέλει ἐπιβληθῆ ἐκ νέου.

ΑΦΙΞΙΣ ΜΑΚΕΔΟΝΟΣ ΟΠΛΑΡΧΗΓΟΥ

Ἀφίκετο ἐκ Σόφιας ὁ ἐκ Καρπενησίου τῆς Μακεδονίας Ἕλλην ὁπλαρχηγὸς Γεώργιος Παπαστεφάνου μετὰ δύο συντρόφων του, ὅστις ἔλαβε μέρος εἰς πολλὰς μάχας τῆς Μακεδονίας κατὰ τὰ ἔτη 1896 καὶ 1903.

Ἀφίκετο ἐκ Σόφιας ὁ ἐκ Καρπενησίου τῆς Μακεδονίας Ἕλλην ὁπλαρχηγὸς Γεώργιος Παπαστεφάνου μετὰ δύο συντρόφων του, ὅστις ἔλαβε μέρος εἰς πολλὰς μάχας τῆς Μακεδονίας κατὰ τὰ ἔτη 1896 καὶ 1903.
